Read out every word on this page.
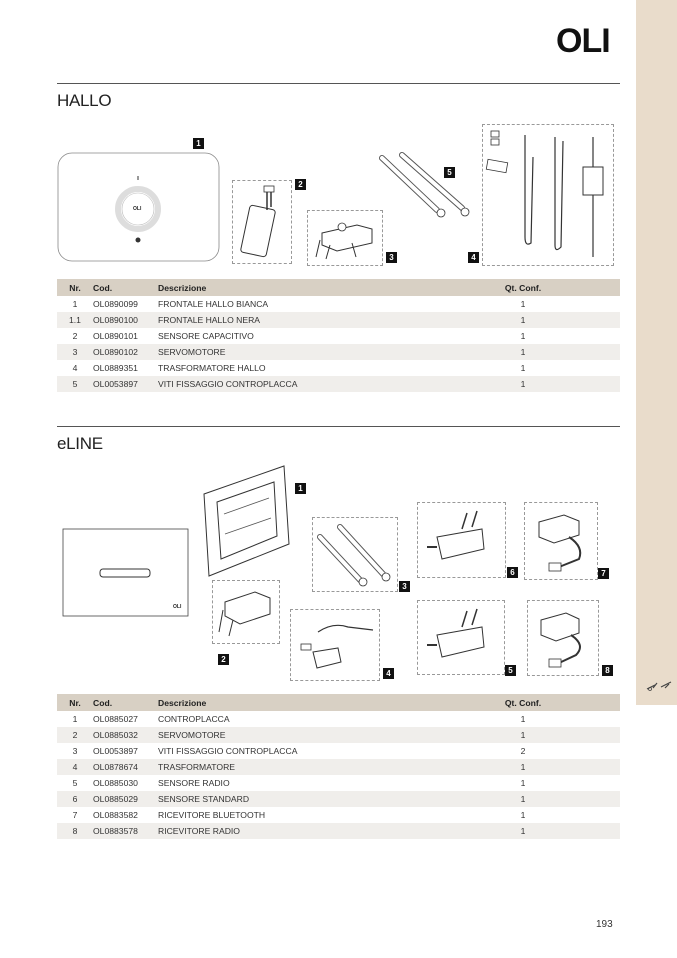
OLI
HALLO
OLI
1
2
3	4
5
Nr.	Cod.	Descrizione	Qt. Conf.	
1	OL0890099	FRONTALE HALLO BIANCA	1	
1.1	OL0890100	FRONTALE HALLO NERA	1	
2	OL0890101	SENSORE CAPACITIVO	1	
3	OL0890102	SERVOMOTORE	1	
4	OL0889351	TRASFORMATORE HALLO	1	
5	OL0053897	VITI FISSAGGIO CONTROPLACCA	1	
eLINE
OLI
1
2
3
4	5
6	7
8
Nr.	Cod.	Descrizione	Qt. Conf.	
1	OL0885027	CONTROPLACCA	1	
2	OL0885032	SERVOMOTORE	1	
3	OL0053897	VITI FISSAGGIO CONTROPLACCA	2	
4	OL0878674	TRASFORMATORE	1	
5	OL0885030	SENSORE RADIO	1	
6	OL0885029	SENSORE STANDARD	1	
7	OL0883582	RICEVITORE BLUETOOTH	1	
8	OL0883578	RICEVITORE RADIO	1	
193
